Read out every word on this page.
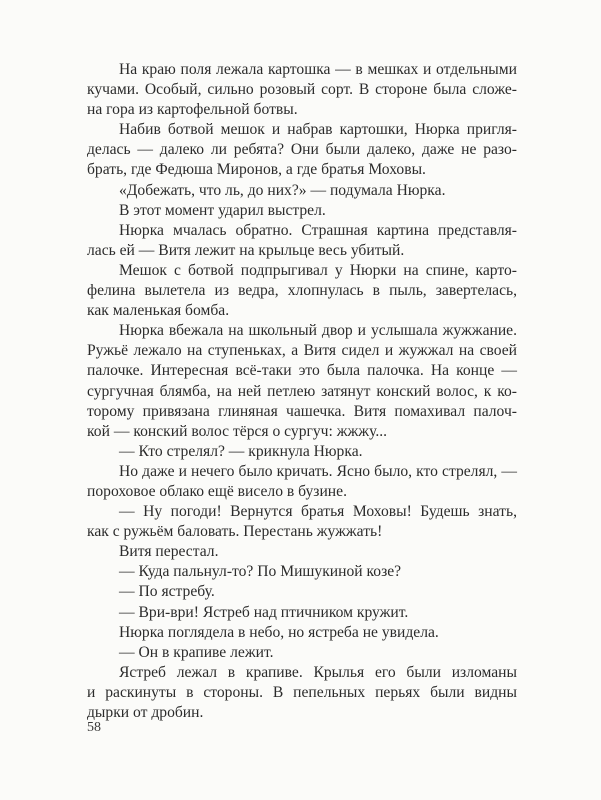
На краю поля лежала картошка — в мешках и отдельными
кучами. Особый, сильно розовый сорт. В стороне была сложе-
на гора из картофельной ботвы.
Набив ботвой мешок и набрав картошки, Нюрка пригля-
делась — далеко ли ребята? Они были далеко, даже не разо-
брать, где Федюша Миронов, а где братья Моховы.
«Добежать, что ль, до них?» — подумала Нюрка.
В этот момент ударил выстрел.
Нюрка мчалась обратно. Страшная картина представля-
лась ей — Витя лежит на крыльце весь убитый.
Мешок с ботвой подпрыгивал у Нюрки на спине, карто-
фелина вылетела из ведра, хлопнулась в пыль, завертелась,
как маленькая бомба.
Нюрка вбежала на школьный двор и услышала жужжание.
Ружьё лежало на ступеньках, а Витя сидел и жужжал на своей
палочке. Интересная всё-таки это была палочка. На конце —
сургучная блямба, на ней петлею затянут конский волос, к ко-
торому привязана глиняная чашечка. Витя помахивал палоч-
кой — конский волос тёрся о сургуч: жжжу...
— Кто стрелял? — крикнула Нюрка.
Но даже и нечего было кричать. Ясно было, кто стрелял, —
пороховое облако ещё висело в бузине.
— Ну погоди! Вернутся братья Моховы! Будешь знать,
как с ружьём баловать. Перестань жужжать!
Витя перестал.
— Куда пальнул-то? По Мишукиной козе?
— По ястребу.
— Ври-ври! Ястреб над птичником кружит.
Нюрка поглядела в небо, но ястреба не увидела.
— Он в крапиве лежит.
Ястреб лежал в крапиве. Крылья его были изломаны
и раскинуты в стороны. В пепельных перьях были видны
дырки от дробин.
58
